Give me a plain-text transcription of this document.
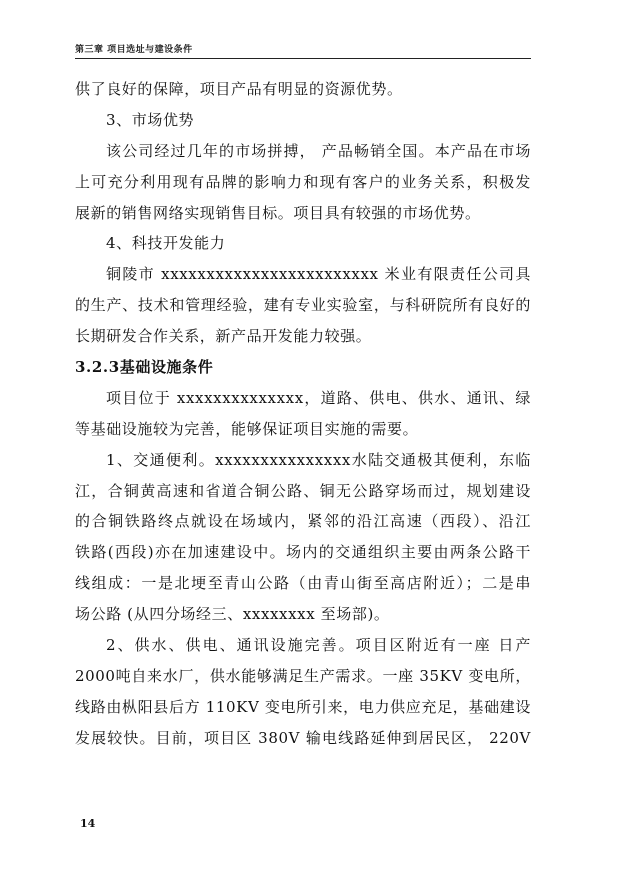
第三章 项目选址与建设条件
供了良好的保障，项目产品有明显的资源优势。
3、市场优势
该公司经过几年的市场拼搏， 产品畅销全国。本产品在市场
上可充分利用现有品牌的影响力和现有客户的业务关系，积极发
展新的销售网络实现销售目标。项目具有较强的市场优势。
4、科技开发能力
铜陵市 xxxxxxxxxxxxxxxxxxxxxxxx 米业有限责任公司具
的生产、技术和管理经验，建有专业实验室，与科研院所有良好的
长期研发合作关系，新产品开发能力较强。
3.2.3基础设施条件
项目位于 xxxxxxxxxxxxxx，道路、供电、供水、通讯、绿
等基础设施较为完善，能够保证项目实施的需要。
1、交通便利。xxxxxxxxxxxxxxx水陆交通极其便利，东临
江，合铜黄高速和省道合铜公路、铜无公路穿场而过，规划建设
的合铜铁路终点就设在场域内，紧邻的沿江高速（西段）、沿江
铁路(西段)亦在加速建设中。场内的交通组织主要由两条公路干
线组成：一是北埂至青山公路（由青山街至高店附近）；二是串
场公路 (从四分场经三、xxxxxxxx 至场部)。
2、供水、供电、通讯设施完善。项目区附近有一座 日产
2000吨自来水厂，供水能够满足生产需求。一座 35KV 变电所，
线路由枞阳县后方 110KV 变电所引来，电力供应充足，基础建设
发展较快。目前，项目区 380V 输电线路延伸到居民区， 220V
14
